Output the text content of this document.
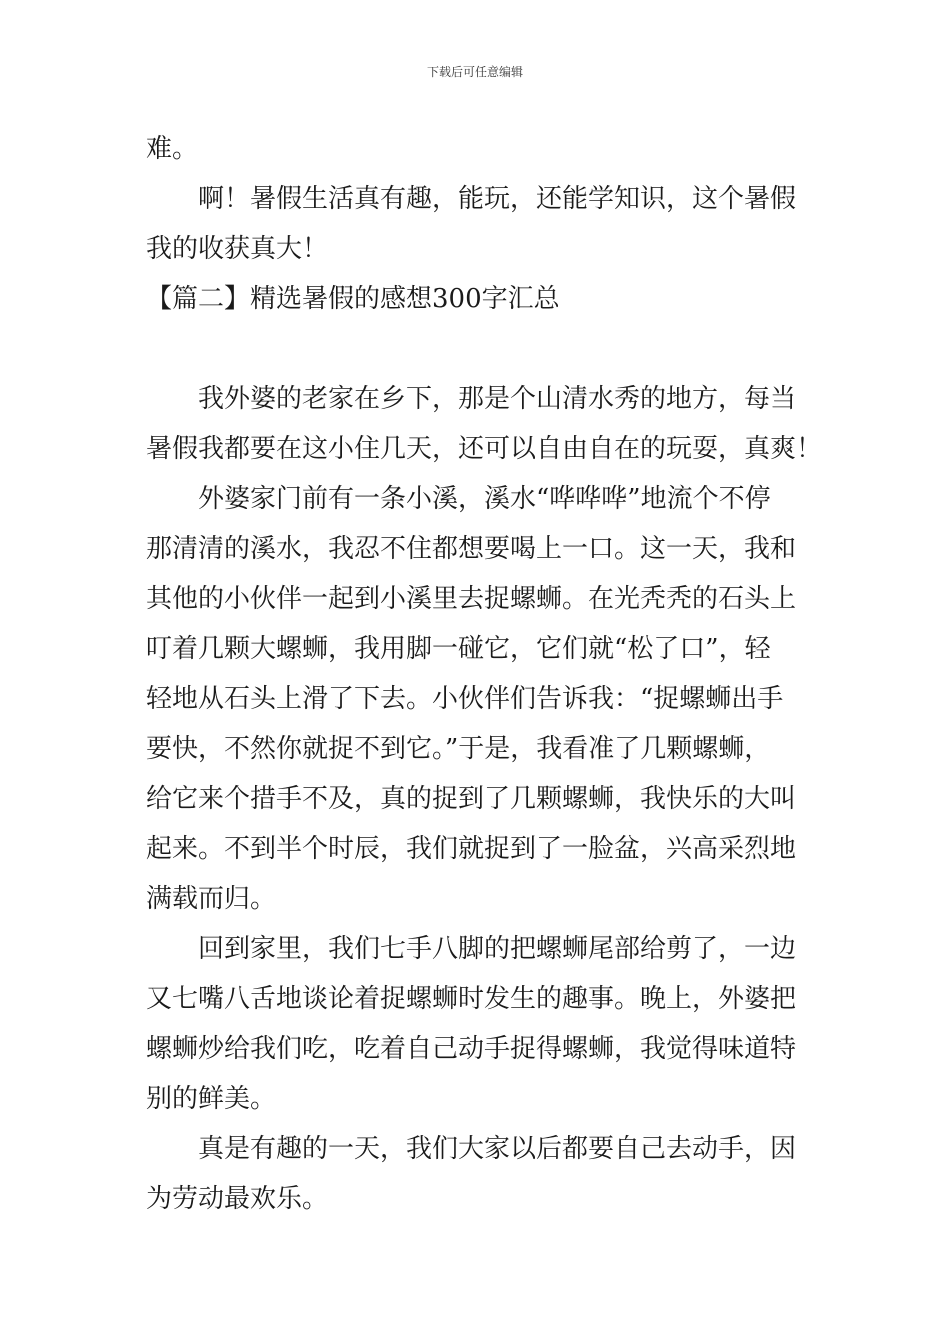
下载后可任意编辑
难。
啊！暑假生活真有趣，能玩，还能学知识，这个暑假
我的收获真大！
【篇二】精选暑假的感想300字汇总
我外婆的老家在乡下，那是个山清水秀的地方，每当
暑假我都要在这小住几天，还可以自由自在的玩耍，真爽！
外婆家门前有一条小溪，溪水“哗哗哗”地流个不停
那清清的溪水，我忍不住都想要喝上一口。这一天，我和
其他的小伙伴一起到小溪里去捉螺蛳。在光秃秃的石头上
叮着几颗大螺蛳，我用脚一碰它，它们就“松了口”，轻
轻地从石头上滑了下去。小伙伴们告诉我：“捉螺蛳出手
要快，不然你就捉不到它。”于是，我看准了几颗螺蛳，
给它来个措手不及，真的捉到了几颗螺蛳，我快乐的大叫
起来。不到半个时辰，我们就捉到了一脸盆，兴高采烈地
满载而归。
回到家里，我们七手八脚的把螺蛳尾部给剪了，一边
又七嘴八舌地谈论着捉螺蛳时发生的趣事。晚上，外婆把
螺蛳炒给我们吃，吃着自己动手捉得螺蛳，我觉得味道特
别的鲜美。
真是有趣的一天，我们大家以后都要自己去动手，因
为劳动最欢乐。
